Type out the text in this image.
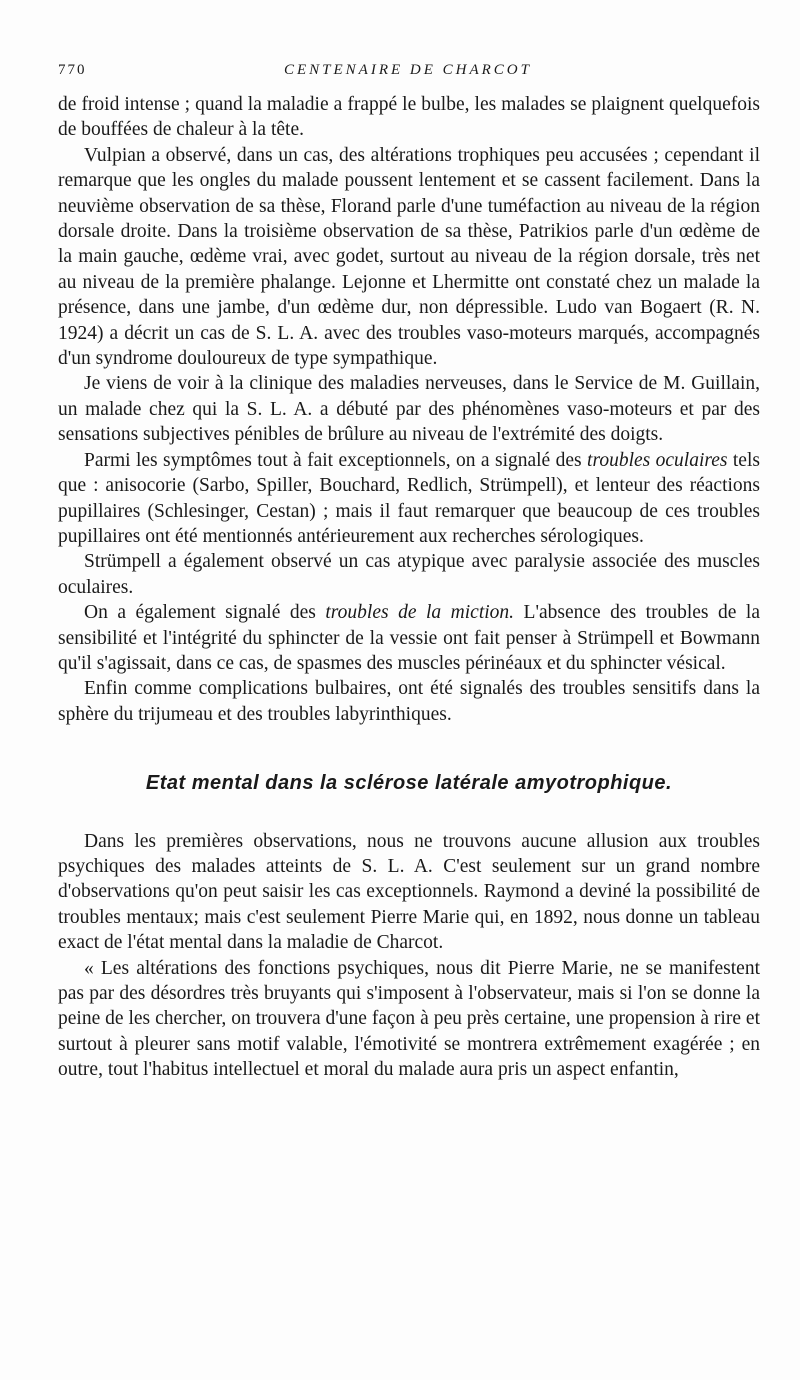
770	CENTENAIRE DE CHARCOT

de froid intense ; quand la maladie a frappé le bulbe, les malades se plaignent quelquefois de bouffées de chaleur à la tête.

Vulpian a observé, dans un cas, des altérations trophiques peu accusées ; cependant il remarque que les ongles du malade poussent lentement et se cassent facilement. Dans la neuvième observation de sa thèse, Florand parle d'une tuméfaction au niveau de la région dorsale droite. Dans la troisième observation de sa thèse, Patrikios parle d'un œdème de la main gauche, œdème vrai, avec godet, surtout au niveau de la région dorsale, très net au niveau de la première phalange. Lejonne et Lhermitte ont constaté chez un malade la présence, dans une jambe, d'un œdème dur, non dépressible. Ludo van Bogaert (R. N. 1924) a décrit un cas de S. L. A. avec des troubles vaso-moteurs marqués, accompagnés d'un syndrome douloureux de type sympathique.

Je viens de voir à la clinique des maladies nerveuses, dans le Service de M. Guillain, un malade chez qui la S. L. A. a débuté par des phénomènes vaso-moteurs et par des sensations subjectives pénibles de brûlure au niveau de l'extrémité des doigts.

Parmi les symptômes tout à fait exceptionnels, on a signalé des troubles oculaires tels que : anisocorie (Sarbo, Spiller, Bouchard, Redlich, Strümpell), et lenteur des réactions pupillaires (Schlesinger, Cestan) ; mais il faut remarquer que beaucoup de ces troubles pupillaires ont été mentionnés antérieurement aux recherches sérologiques.

Strümpell a également observé un cas atypique avec paralysie associée des muscles oculaires.

On a également signalé des troubles de la miction. L'absence des troubles de la sensibilité et l'intégrité du sphincter de la vessie ont fait penser à Strümpell et Bowmann qu'il s'agissait, dans ce cas, de spasmes des muscles périnéaux et du sphincter vésical.

Enfin comme complications bulbaires, ont été signalés des troubles sensitifs dans la sphère du trijumeau et des troubles labyrinthiques.

Etat mental dans la sclérose latérale amyotrophique.

Dans les premières observations, nous ne trouvons aucune allusion aux troubles psychiques des malades atteints de S. L. A. C'est seulement sur un grand nombre d'observations qu'on peut saisir les cas exceptionnels. Raymond a deviné la possibilité de troubles mentaux; mais c'est seulement Pierre Marie qui, en 1892, nous donne un tableau exact de l'état mental dans la maladie de Charcot.

« Les altérations des fonctions psychiques, nous dit Pierre Marie, ne se manifestent pas par des désordres très bruyants qui s'imposent à l'observateur, mais si l'on se donne la peine de les chercher, on trouvera d'une façon à peu près certaine, une propension à rire et surtout à pleurer sans motif valable, l'émotivité se montrera extrêmement exagérée ; en outre, tout l'habitus intellectuel et moral du malade aura pris un aspect enfantin,
